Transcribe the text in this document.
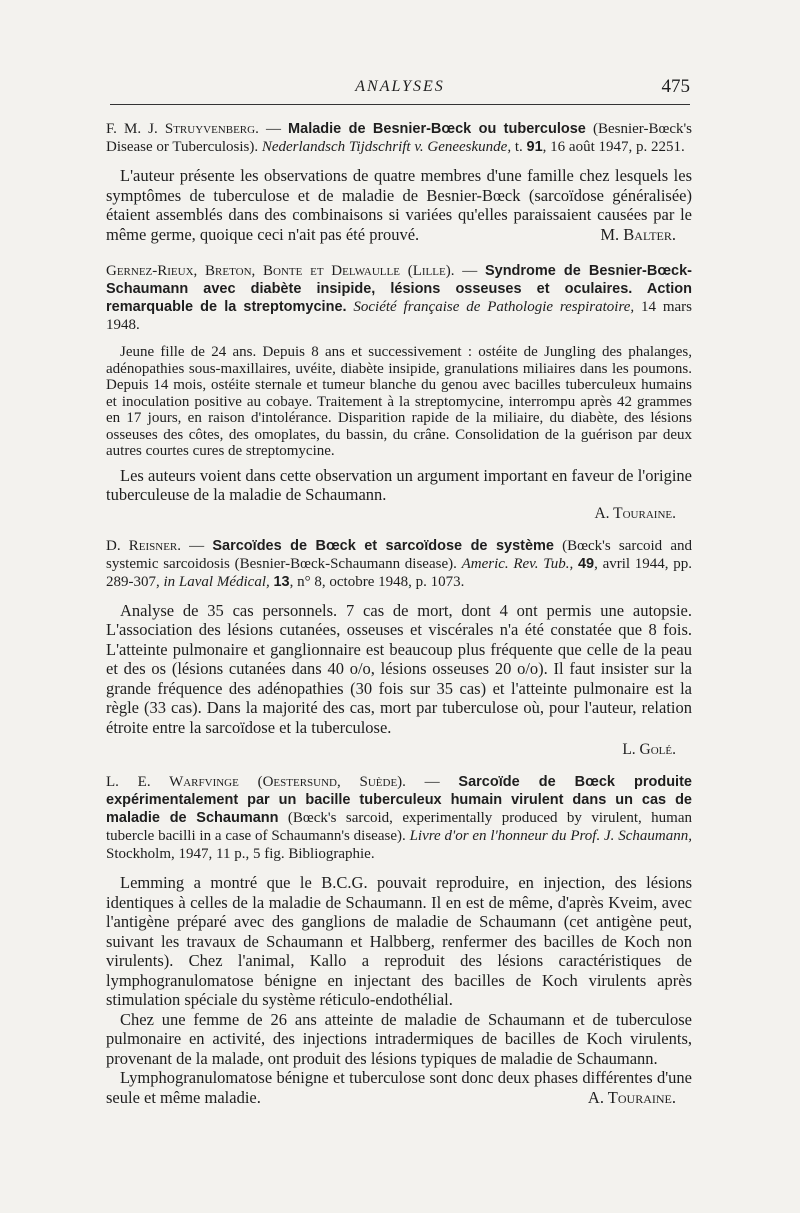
ANALYSES	475

F. M. J. Struyvenberg. — Maladie de Besnier-Bœck ou tuberculose (Besnier-Bœck's Disease or Tuberculosis). Nederlandsch Tijdschrift v. Geneeskunde, t. 91, 16 août 1947, p. 2251.

L'auteur présente les observations de quatre membres d'une famille chez lesquels les symptômes de tuberculose et de maladie de Besnier-Bœck (sarcoïdose généralisée) étaient assemblés dans des combinaisons si variées qu'elles paraissaient causées par le même germe, quoique ceci n'ait pas été prouvé.	M. Balter.

Gernez-Rieux, Breton, Bonte et Delwaulle (Lille). — Syndrome de Besnier-Bœck-Schaumann avec diabète insipide, lésions osseuses et oculaires. Action remarquable de la streptomycine. Société française de Pathologie respiratoire, 14 mars 1948.

Jeune fille de 24 ans. Depuis 8 ans et successivement : ostéite de Jungling des phalanges, adénopathies sous-maxillaires, uvéite, diabète insipide, granulations miliaires dans les poumons. Depuis 14 mois, ostéite sternale et tumeur blanche du genou avec bacilles tuberculeux humains et inoculation positive au cobaye. Traitement à la streptomycine, interrompu après 42 grammes en 17 jours, en raison d'intolérance. Disparition rapide de la miliaire, du diabète, des lésions osseuses des côtes, des omoplates, du bassin, du crâne. Consolidation de la guérison par deux autres courtes cures de streptomycine.

Les auteurs voient dans cette observation un argument important en faveur de l'origine tuberculeuse de la maladie de Schaumann.

A. Touraine.

D. Reisner. — Sarcoïdes de Bœck et sarcoïdose de système (Bœck's sarcoid and systemic sarcoidosis (Besnier-Bœck-Schaumann disease). Americ. Rev. Tub., 49, avril 1944, pp. 289-307, in Laval Médical, 13, n° 8, octobre 1948, p. 1073.

Analyse de 35 cas personnels. 7 cas de mort, dont 4 ont permis une autopsie. L'association des lésions cutanées, osseuses et viscérales n'a été constatée que 8 fois. L'atteinte pulmonaire et ganglionnaire est beaucoup plus fréquente que celle de la peau et des os (lésions cutanées dans 40 o/o, lésions osseuses 20 o/o). Il faut insister sur la grande fréquence des adénopathies (30 fois sur 35 cas) et l'atteinte pulmonaire est la règle (33 cas). Dans la majorité des cas, mort par tuberculose où, pour l'auteur, relation étroite entre la sarcoïdose et la tuberculose.

L. Golé.

L. E. Warfvinge (Oestersund, Suède). — Sarcoïde de Bœck produite expérimentalement par un bacille tuberculeux humain virulent dans un cas de maladie de Schaumann (Bœck's sarcoid, experimentally produced by virulent, human tubercle bacilli in a case of Schaumann's disease). Livre d'or en l'honneur du Prof. J. Schaumann, Stockholm, 1947, 11 p., 5 fig. Bibliographie.

Lemming a montré que le B.C.G. pouvait reproduire, en injection, des lésions identiques à celles de la maladie de Schaumann. Il en est de même, d'après Kveim, avec l'antigène préparé avec des ganglions de maladie de Schaumann (cet antigène peut, suivant les travaux de Schaumann et Halbberg, renfermer des bacilles de Koch non virulents). Chez l'animal, Kallo a reproduit des lésions caractéristiques de lymphogranulomatose bénigne en injectant des bacilles de Koch virulents après stimulation spéciale du système réticulo-endothélial.

Chez une femme de 26 ans atteinte de maladie de Schaumann et de tuberculose pulmonaire en activité, des injections intradermiques de bacilles de Koch virulents, provenant de la malade, ont produit des lésions typiques de maladie de Schaumann.

Lymphogranulomatose bénigne et tuberculose sont donc deux phases différentes d'une seule et même maladie.	A. Touraine.
